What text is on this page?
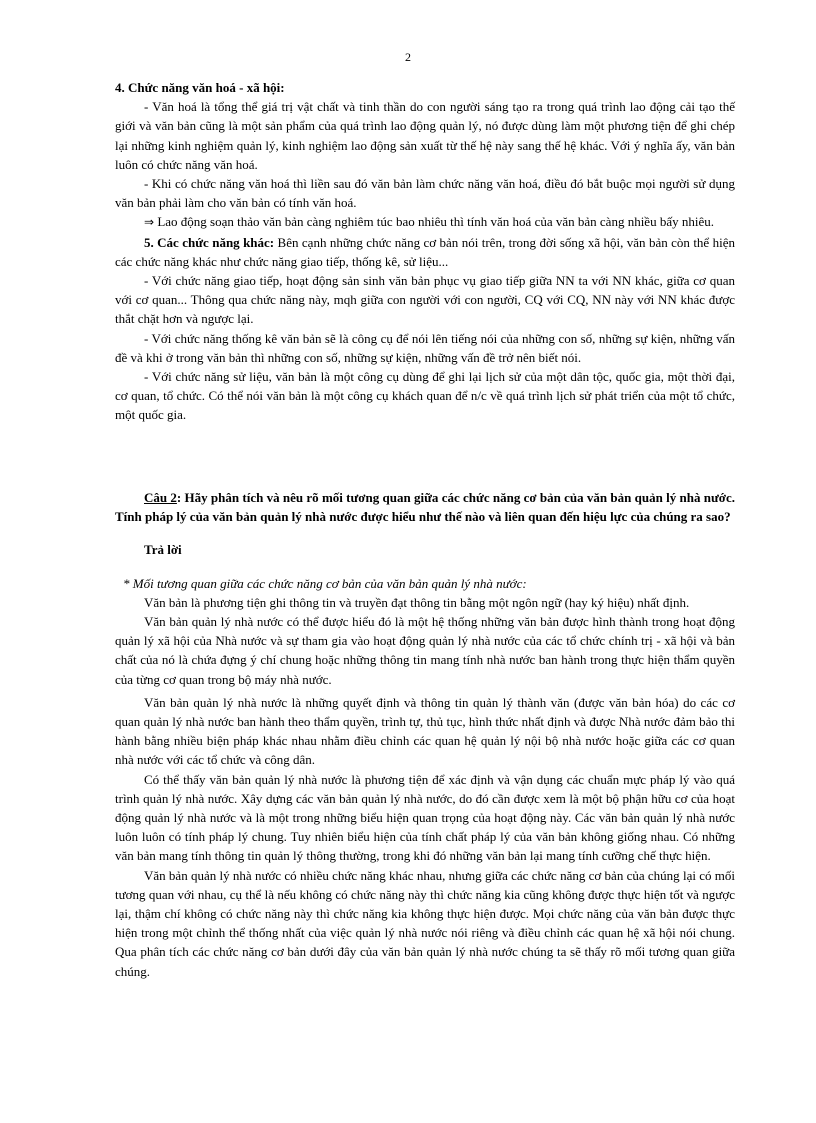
2

4. Chức năng văn hoá - xã hội:

- Văn hoá là tổng thể giá trị vật chất và tinh thần do con người sáng tạo ra trong quá trình lao động cải tạo thế giới và văn bản cũng là một sản phẩm của quá trình lao động quản lý, nó được dùng làm một phương tiện để ghi chép lại những kinh nghiệm quản lý, kinh nghiệm lao động sản xuất từ thế hệ này sang thế hệ khác. Với ý nghĩa ấy, văn bản luôn có chức năng văn hoá.

- Khi có chức năng văn hoá thì liền sau đó văn bản làm chức năng văn hoá, điều đó bắt buộc mọi người sử dụng văn bản phải làm cho văn bản có tính văn hoá.

⇒ Lao động soạn thảo văn bản càng nghiêm túc bao nhiêu thì tính văn hoá của văn bản càng nhiều bấy nhiêu.

5. Các chức năng khác: Bên cạnh những chức năng cơ bản nói trên, trong đời sống xã hội, văn bản còn thể hiện các chức năng khác như chức năng giao tiếp, thống kê, sử liệu...

- Với chức năng giao tiếp, hoạt động sản sinh văn bản phục vụ giao tiếp giữa NN ta với NN khác, giữa cơ quan với cơ quan... Thông qua chức năng này, mqh giữa con người với con người, CQ với CQ, NN này với NN khác được thắt chặt hơn và ngược lại.

- Với chức năng thống kê văn bản sẽ là công cụ để nói lên tiếng nói của những con số, những sự kiện, những vấn đề và khi ở trong văn bản thì những con số, những sự kiện, những vấn đề trở nên biết nói.

- Với chức năng sử liệu, văn bản là một công cụ dùng để ghi lại lịch sử của một dân tộc, quốc gia, một thời đại, cơ quan, tổ chức. Có thể nói văn bản là một công cụ khách quan để n/c về quá trình lịch sử phát triển của một tổ chức, một quốc gia.

Câu 2: Hãy phân tích và nêu rõ mối tương quan giữa các chức năng cơ bản của văn bản quản lý nhà nước. Tính pháp lý của văn bản quản lý nhà nước được hiểu như thế nào và liên quan đến hiệu lực của chúng ra sao?

Trả lời

* Mối tương quan giữa các chức năng cơ bản của văn bản quản lý nhà nước:

Văn bản là phương tiện ghi thông tin và truyền đạt thông tin bằng một ngôn ngữ (hay ký hiệu) nhất định.

Văn bản quản lý nhà nước có thể được hiểu đó là một hệ thống những văn bản được hình thành trong hoạt động quản lý xã hội của Nhà nước và sự tham gia vào hoạt động quản lý nhà nước của các tổ chức chính trị - xã hội và bản chất của nó là chứa đựng ý chí chung hoặc những thông tin mang tính nhà nước ban hành trong thực hiện thẩm quyền của từng cơ quan trong bộ máy nhà nước.

Văn bản quản lý nhà nước là những quyết định và thông tin quản lý thành văn (được văn bản hóa) do các cơ quan quản lý nhà nước ban hành theo thẩm quyền, trình tự, thủ tục, hình thức nhất định và được Nhà nước đảm bảo thi hành bằng nhiều biện pháp khác nhau nhằm điều chỉnh các quan hệ quản lý nội bộ nhà nước hoặc giữa các cơ quan nhà nước với các tổ chức và công dân.

Có thể thấy văn bản quản lý nhà nước là phương tiện để xác định và vận dụng các chuẩn mực pháp lý vào quá trình quản lý nhà nước. Xây dựng các văn bản quản lý nhà nước, do đó cần được xem là một bộ phận hữu cơ của hoạt động quản lý nhà nước và là một trong những biểu hiện quan trọng của hoạt động này. Các văn bản quản lý nhà nước luôn luôn có tính pháp lý chung. Tuy nhiên biểu hiện của tính chất pháp lý của văn bản không giống nhau. Có những văn bản mang tính thông tin quản lý thông thường, trong khi đó những văn bản lại mang tính cưỡng chế thực hiện.

Văn bản quản lý nhà nước có nhiều chức năng khác nhau, nhưng giữa các chức năng cơ bản của chúng lại có mối tương quan với nhau, cụ thể là nếu không có chức năng này thì chức năng kia cũng không được thực hiện tốt và ngược lại, thậm chí không có chức năng này thì chức năng kia không thực hiện được. Mọi chức năng của văn bản được thực hiện trong một chỉnh thể thống nhất của việc quản lý nhà nước nói riêng và điều chỉnh các quan hệ xã hội nói chung. Qua phân tích các chức năng cơ bản dưới đây của văn bản quản lý nhà nước chúng ta sẽ thấy rõ mối tương quan giữa chúng.
